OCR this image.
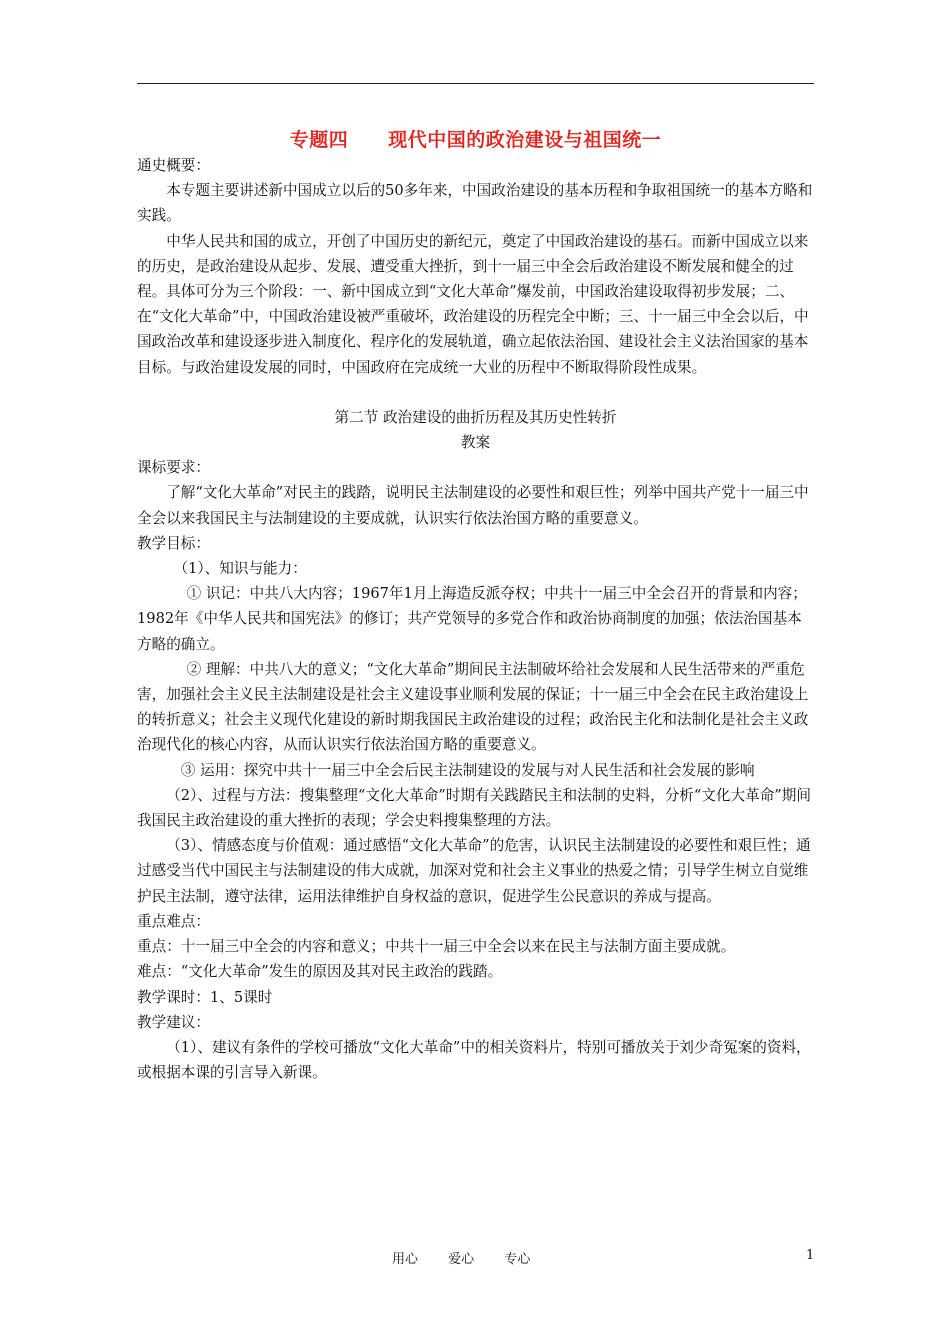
专题四 现代中国的政治建设与祖国统一

通史概要：

本专题主要讲述新中国成立以后的50多年来，中国政治建设的基本历程和争取祖国统一的基本方略和实践。

中华人民共和国的成立，开创了中国历史的新纪元，奠定了中国政治建设的基石。而新中国成立以来的历史，是政治建设从起步、发展、遭受重大挫折，到十一届三中全会后政治建设不断发展和健全的过程。具体可分为三个阶段：一、新中国成立到“文化大革命”爆发前，中国政治建设取得初步发展；二、在“文化大革命”中，中国政治建设被严重破坏，政治建设的历程完全中断；三、十一届三中全会以后，中国政治改革和建设逐步进入制度化、程序化的发展轨道，确立起依法治国、建设社会主义法治国家的基本目标。与政治建设发展的同时，中国政府在完成统一大业的历程中不断取得阶段性成果。

第二节 政治建设的曲折历程及其历史性转折

教案

课标要求：

了解“文化大革命”对民主的践踏，说明民主法制建设的必要性和艰巨性；列举中国共产党十一届三中全会以来我国民主与法制建设的主要成就，认识实行依法治国方略的重要意义。

教学目标：

（1）、知识与能力：

① 识记：中共八大内容；1967年1月上海造反派夺权；中共十一届三中全会召开的背景和内容；1982年《中华人民共和国宪法》的修订；共产党领导的多党合作和政治协商制度的加强；依法治国基本方略的确立。

② 理解：中共八大的意义；“文化大革命”期间民主法制破坏给社会发展和人民生活带来的严重危害，加强社会主义民主法制建设是社会主义建设事业顺利发展的保证；十一届三中全会在民主政治建设上的转折意义；社会主义现代化建设的新时期我国民主政治建设的过程；政治民主化和法制化是社会主义政治现代化的核心内容，从而认识实行依法治国方略的重要意义。

③ 运用：探究中共十一届三中全会后民主法制建设的发展与对人民生活和社会发展的影响

（2）、过程与方法：搜集整理“文化大革命”时期有关践踏民主和法制的史料，分析“文化大革命”期间我国民主政治建设的重大挫折的表现；学会史料搜集整理的方法。

（3）、情感态度与价值观：通过感悟“文化大革命”的危害，认识民主法制建设的必要性和艰巨性；通过感受当代中国民主与法制建设的伟大成就，加深对党和社会主义事业的热爱之情；引导学生树立自觉维护民主法制，遵守法律，运用法律维护自身权益的意识，促进学生公民意识的养成与提高。

重点难点：

重点：十一届三中全会的内容和意义；中共十一届三中全会以来在民主与法制方面主要成就。

难点：“文化大革命”发生的原因及其对民主政治的践踏。

教学课时：1、5课时

教学建议：

（1）、建议有条件的学校可播放“文化大革命”中的相关资料片，特别可播放关于刘少奇冤案的资料，或根据本课的引言导入新课。

用心 爱心 专心	1
